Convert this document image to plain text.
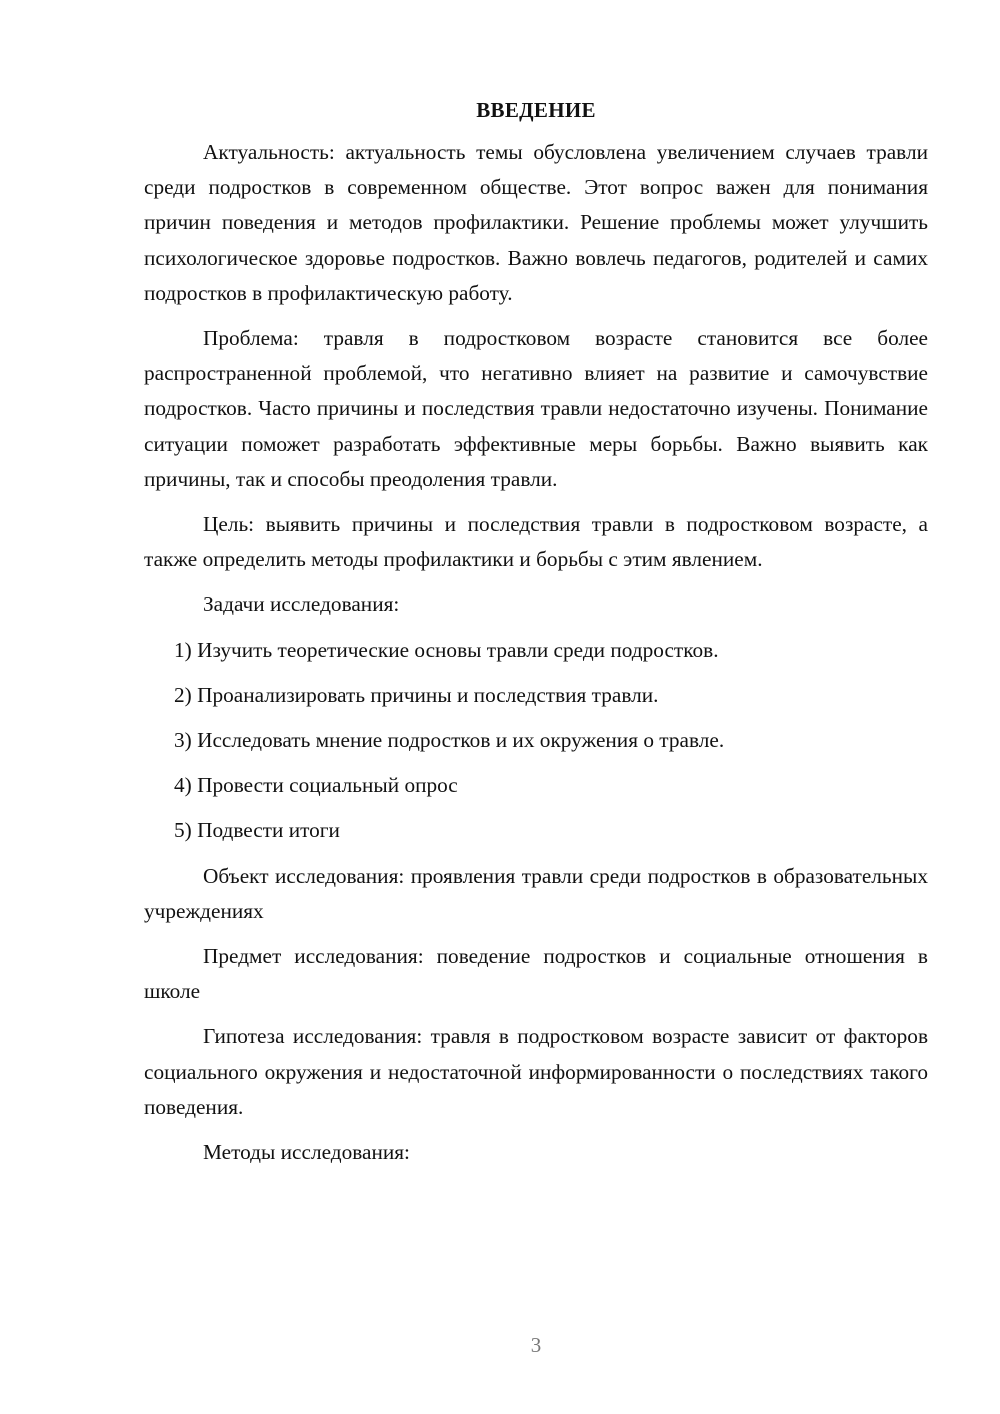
ВВЕДЕНИЕ

Актуальность: актуальность темы обусловлена увеличением случаев травли среди подростков в современном обществе. Этот вопрос важен для понимания причин поведения и методов профилактики. Решение проблемы может улучшить психологическое здоровье подростков. Важно вовлечь педагогов, родителей и самих подростков в профилактическую работу.

Проблема: травля в подростковом возрасте становится все более распространенной проблемой, что негативно влияет на развитие и самочувствие подростков. Часто причины и последствия травли недостаточно изучены. Понимание ситуации поможет разработать эффективные меры борьбы. Важно выявить как причины, так и способы преодоления травли.

Цель: выявить причины и последствия травли в подростковом возрасте, а также определить методы профилактики и борьбы с этим явлением.

Задачи исследования:

1) Изучить теоретические основы травли среди подростков.
2) Проанализировать причины и последствия травли.
3) Исследовать мнение подростков и их окружения о травле.
4) Провести социальный опрос
5) Подвести итоги

Объект исследования: проявления травли среди подростков в образовательных учреждениях

Предмет исследования: поведение подростков и социальные отношения в школе

Гипотеза исследования: травля в подростковом возрасте зависит от факторов социального окружения и недостаточной информированности о последствиях такого поведения.

Методы исследования:

3
